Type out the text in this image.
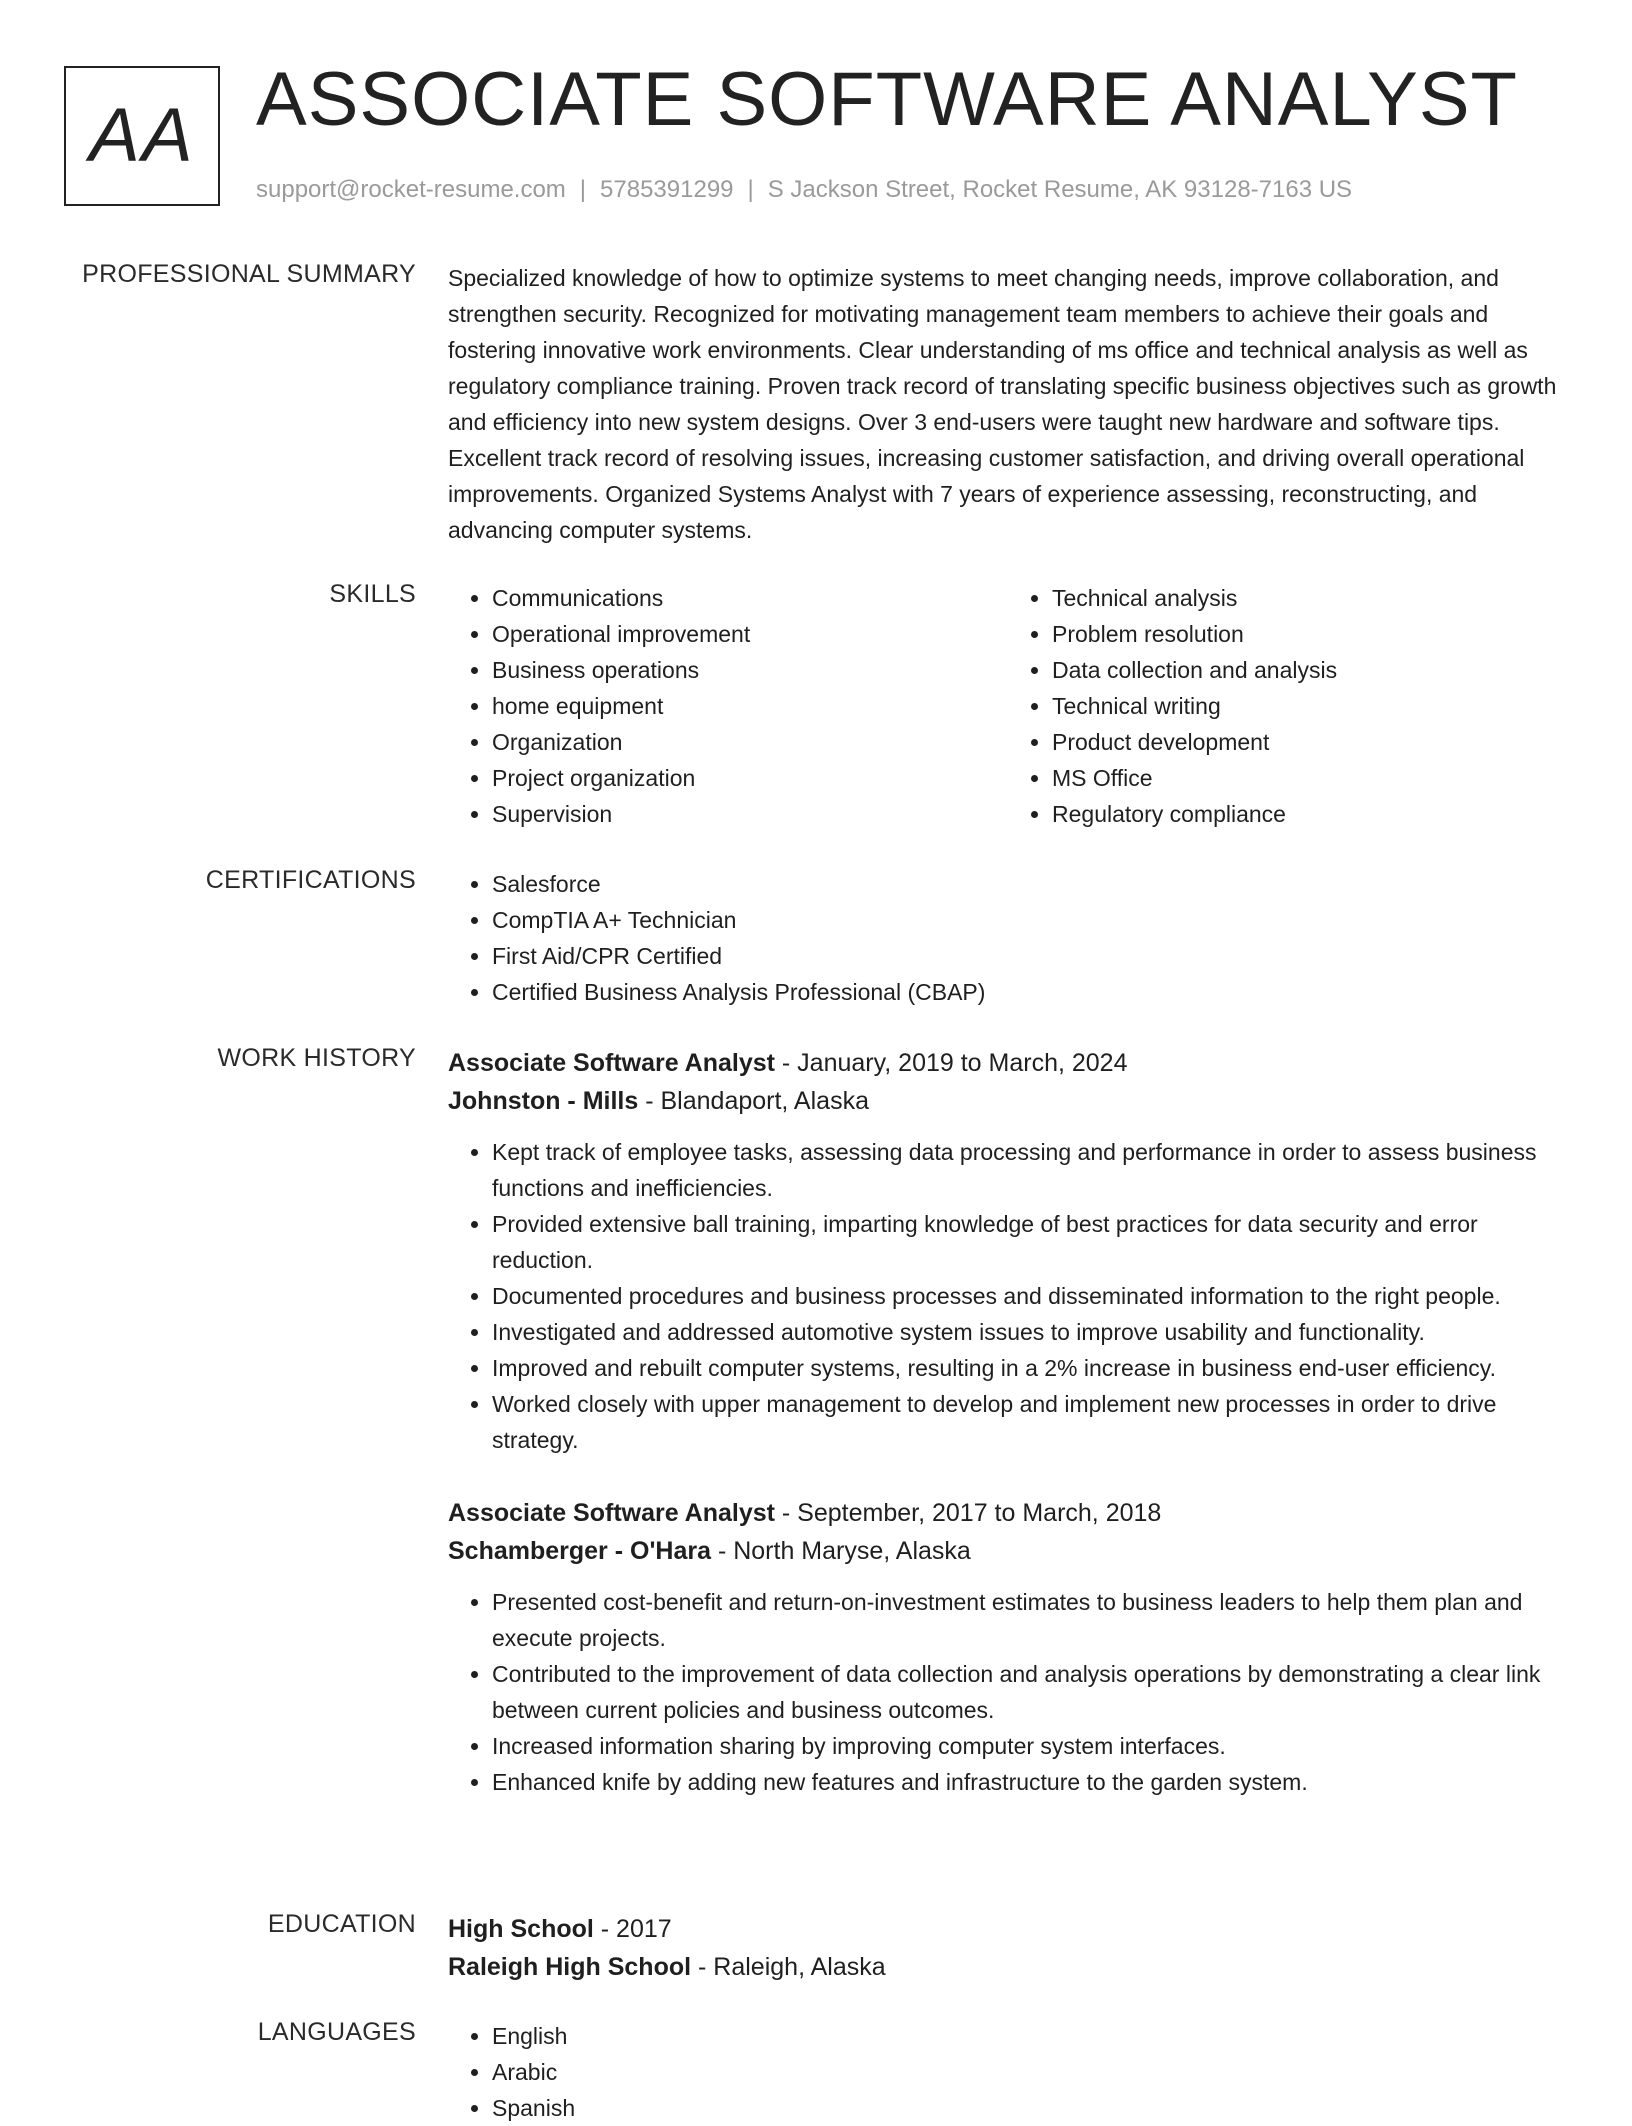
AA ASSOCIATE SOFTWARE ANALYST
support@rocket-resume.com | 5785391299 | S Jackson Street, Rocket Resume, AK 93128-7163 US
PROFESSIONAL SUMMARY Specialized knowledge of how to optimize systems to meet changing needs, improve collaboration, and strengthen security. Recognized for motivating management team members to achieve their goals and fostering innovative work environments. Clear understanding of ms office and technical analysis as well as regulatory compliance training. Proven track record of translating specific business objectives such as growth and efficiency into new system designs. Over 3 end-users were taught new hardware and software tips. Excellent track record of resolving issues, increasing customer satisfaction, and driving overall operational improvements. Organized Systems Analyst with 7 years of experience assessing, reconstructing, and advancing computer systems.

SKILLS	• Communications
• Operational improvement
• Business operations
• home equipment
• Organization
• Project organization
• Supervision
• Technical analysis
• Problem resolution
• Data collection and analysis
• Technical writing
• Product development
• MS Office
• Regulatory compliance
CERTIFICATIONS	• Salesforce
• CompTIA A+ Technician
• First Aid/CPR Certified
• Certified Business Analysis Professional (CBAP)
WORK HISTORY Associate Software Analyst - January, 2019 to March, 2024
Johnston - Mills - Blandaport, Alaska
• Kept track of employee tasks, assessing data processing and performance in order to assess business functions and inefficiencies.
• Provided extensive ball training, imparting knowledge of best practices for data security and error reduction.
• Documented procedures and business processes and disseminated information to the right people.
• Investigated and addressed automotive system issues to improve usability and functionality.
• Improved and rebuilt computer systems, resulting in a 2% increase in business end-user efficiency.
• Worked closely with upper management to develop and implement new processes in order to drive strategy.
Associate Software Analyst - September, 2017 to March, 2018
Schamberger - O'Hara - North Maryse, Alaska
• Presented cost-benefit and return-on-investment estimates to business leaders to help them plan and execute projects.
• Contributed to the improvement of data collection and analysis operations by demonstrating a clear link between current policies and business outcomes.
• Increased information sharing by improving computer system interfaces.
• Enhanced knife by adding new features and infrastructure to the garden system.
EDUCATION High School - 2017
Raleigh High School - Raleigh, Alaska
LANGUAGES	• English
• Arabic
• Spanish
